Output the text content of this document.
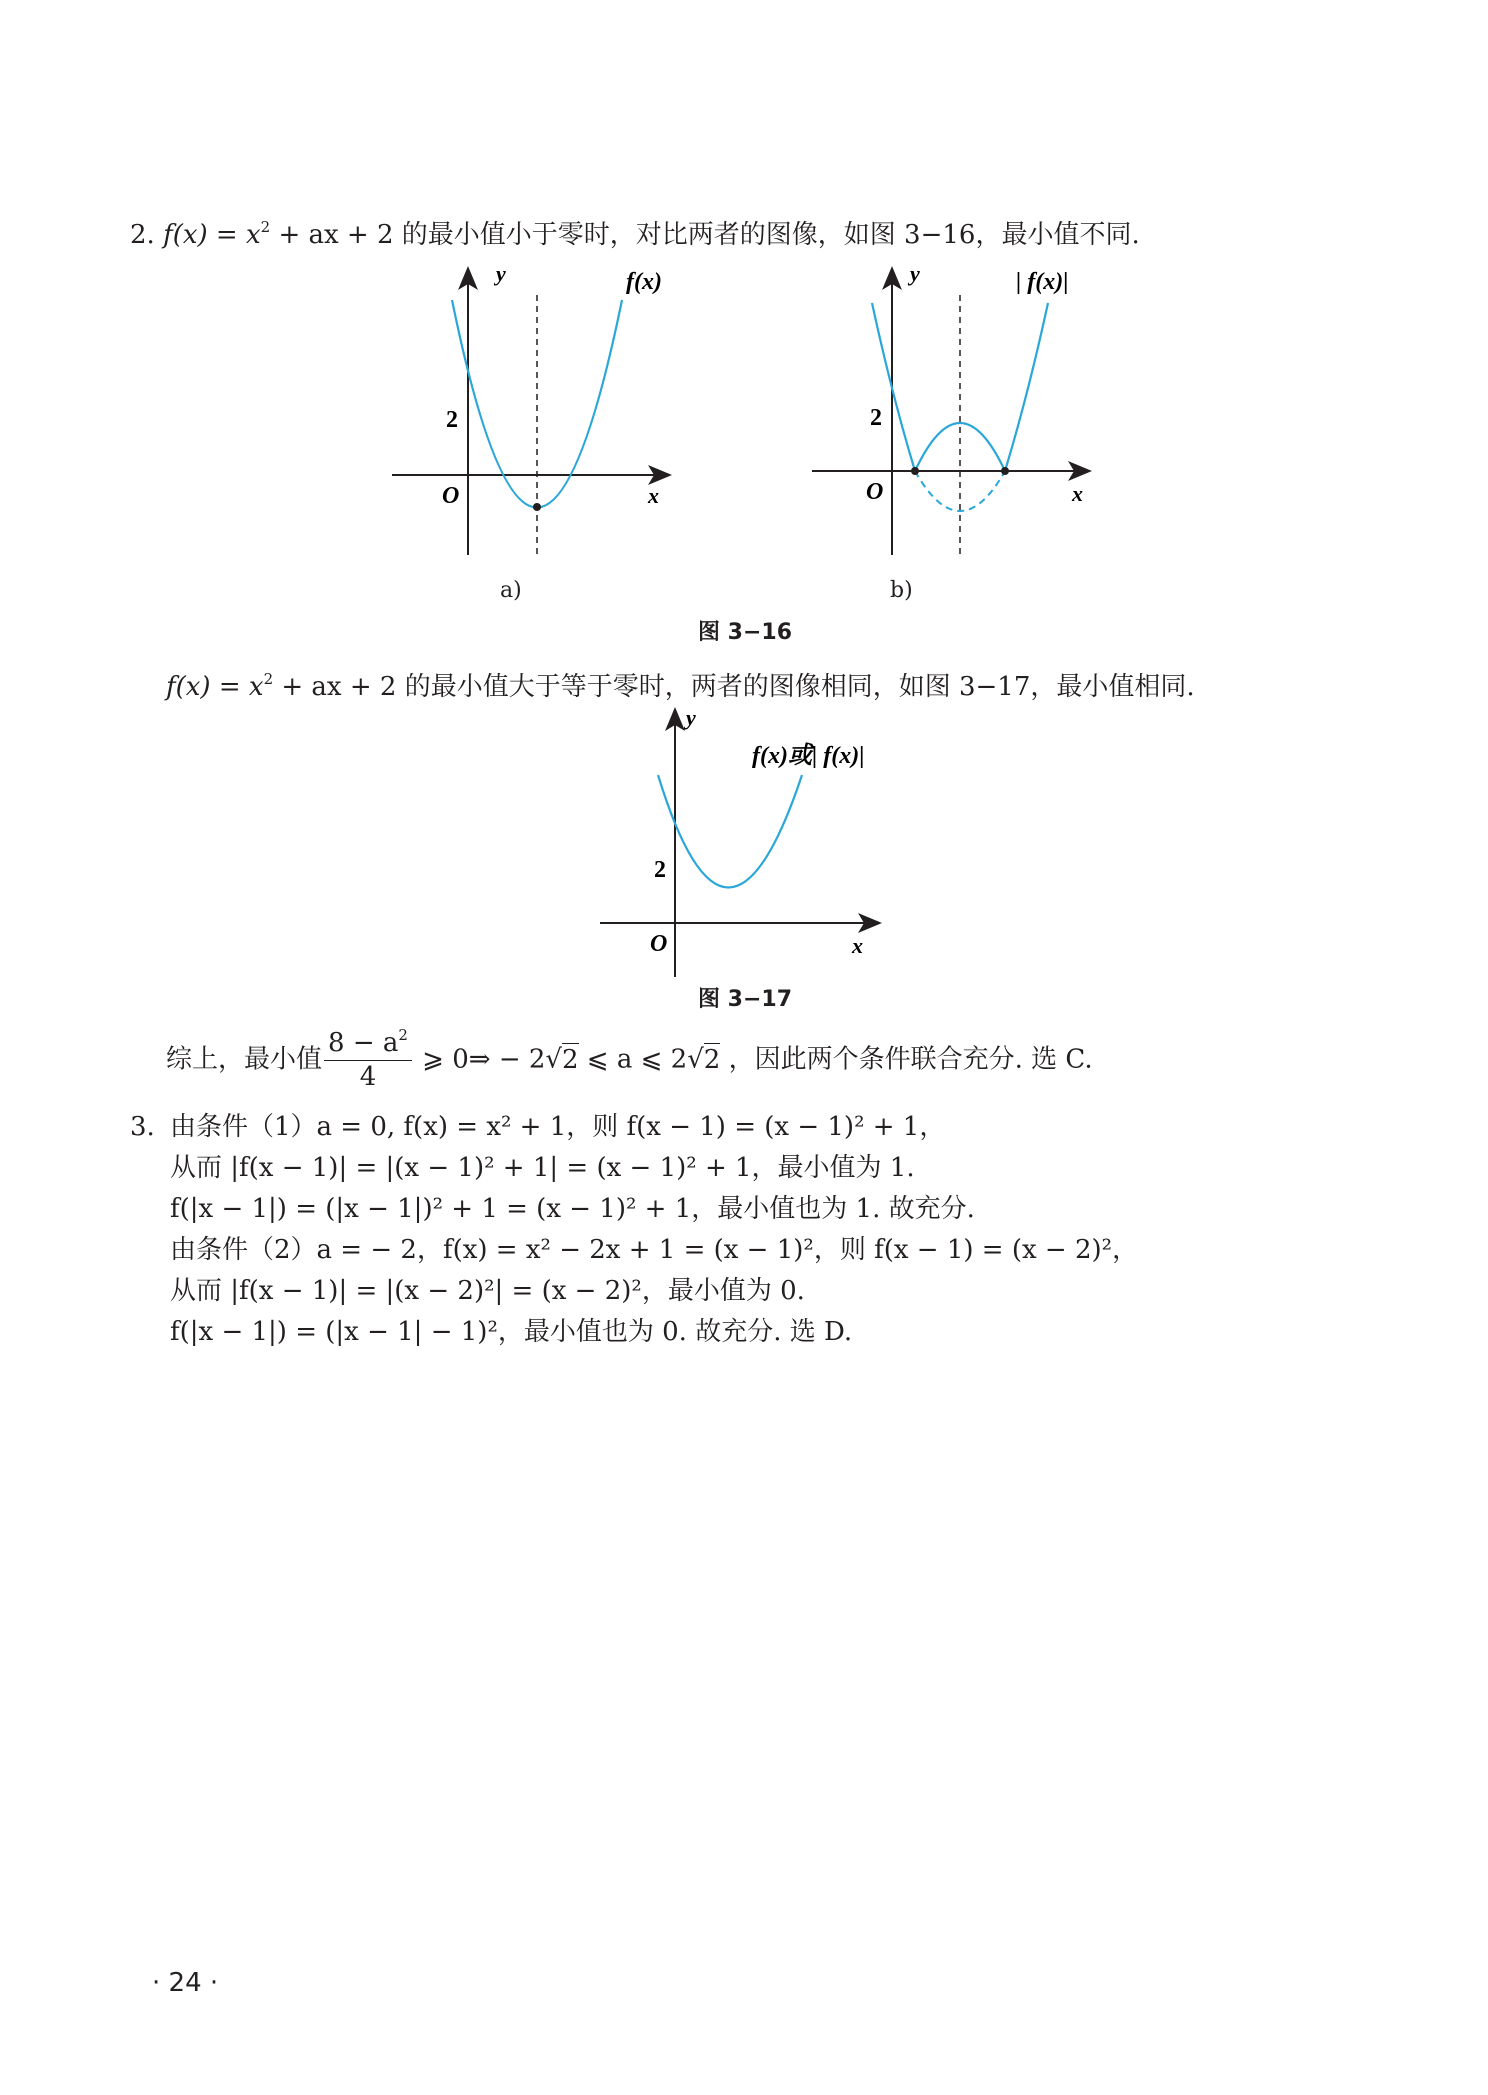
2. $f(x) = x^2$ + ax + 2 的最小值小于零时，对比两者的图像，如图 3−16，最小值不同.
y	f(x)
2
O	x
a)
y	| f(x)|
2
O	x
b)
图 3−16
$f(x) = x^2$ + ax + 2 的最小值大于等于零时，两者的图像相同，如图 3−17，最小值相同.
y
f(x)或| f(x)|
2
O	x
图 3−17
综上，最小值 $\frac{8 - a^2}{4}$ ⩾ 0⇒ − 2√2 ⩽ a ⩽ 2√2 ，因此两个条件联合充分. 选 C.
3. 由条件（1）a = 0, f(x) = x² + 1，则 f(x − 1) = (x − 1)² + 1，
从而 |f(x − 1)| = |(x − 1)² + 1| = (x − 1)² + 1，最小值为 1.
f(|x − 1|) = (|x − 1|)² + 1 = (x − 1)² + 1，最小值也为 1. 故充分.
由条件（2）a = − 2，f(x) = x² − 2x + 1 = (x − 1)²，则 f(x − 1) = (x − 2)²，
从而 |f(x − 1)| = |(x − 2)²| = (x − 2)²，最小值为 0.
f(|x − 1|) = (|x − 1| − 1)²，最小值也为 0. 故充分. 选 D.
· 24 ·
